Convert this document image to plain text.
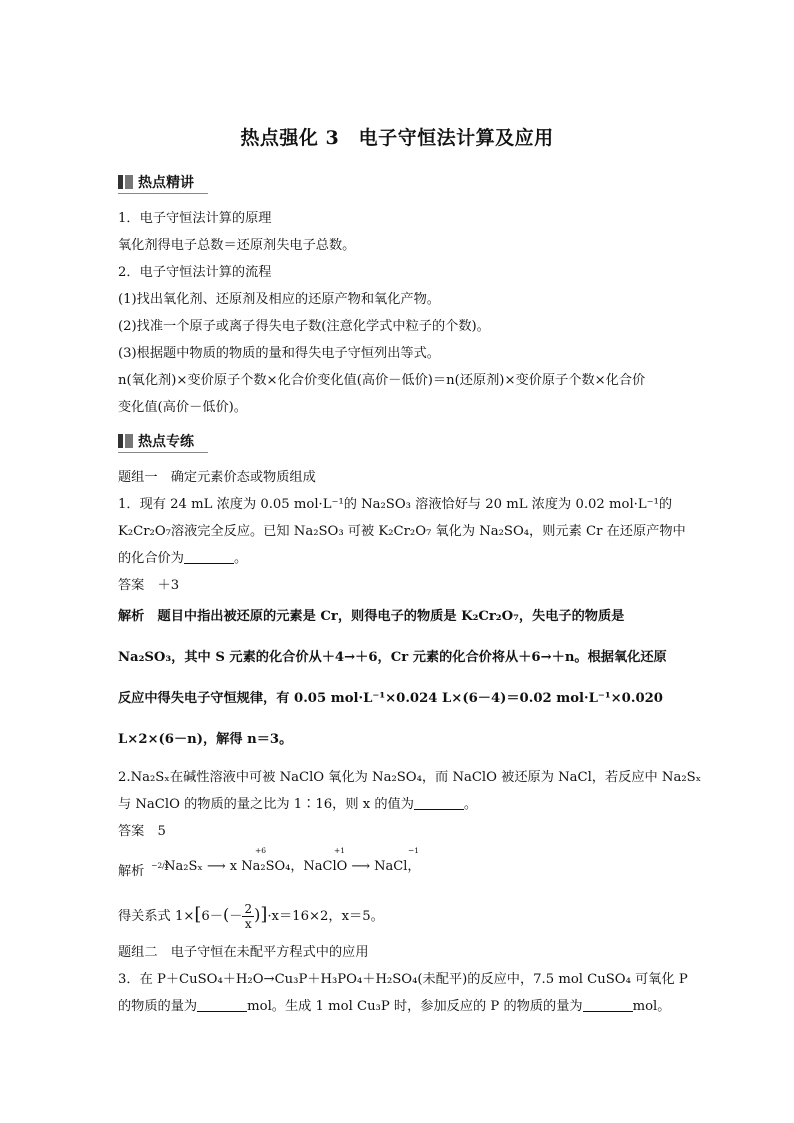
热点强化 3　电子守恒法计算及应用
热点精讲
1．电子守恒法计算的原理
氧化剂得电子总数＝还原剂失电子总数。
2．电子守恒法计算的流程
(1)找出氧化剂、还原剂及相应的还原产物和氧化产物。
(2)找准一个原子或离子得失电子数(注意化学式中粒子的个数)。
(3)根据题中物质的物质的量和得失电子守恒列出等式。
n(氧化剂)×变价原子个数×化合价变化值(高价－低价)＝n(还原剂)×变价原子个数×化合价
变化值(高价－低价)。
热点专练
题组一　确定元素价态或物质组成
1．现有 24 mL 浓度为 0.05 mol·L⁻¹的 Na₂SO₃ 溶液恰好与 20 mL 浓度为 0.02 mol·L⁻¹的
K₂Cr₂O₇溶液完全反应。已知 Na₂SO₃ 可被 K₂Cr₂O₇ 氧化为 Na₂SO₄，则元素 Cr 在还原产物中
的化合价为	。
答案　＋3
解析　题目中指出被还原的元素是 Cr，则得电子的物质是 K₂Cr₂O₇，失电子的物质是
Na₂SO₃，其中 S 元素的化合价从＋4→＋6，Cr 元素的化合价将从＋6→＋n。根据氧化还原
反应中得失电子守恒规律，有 0.05 mol·L⁻¹×0.024 L×(6－4)＝0.02 mol·L⁻¹×0.020
L×2×(6－n)，解得 n＝3。
2.Na₂Sₓ在碱性溶液中可被 NaClO 氧化为 Na₂SO₄，而 NaClO 被还原为 NaCl，若反应中 Na₂Sₓ
与 NaClO 的物质的量之比为 1∶16，则 x 的值为	。
答案　5
解析 −2/x
Na₂Sₓ ⟶ x Na₂SO₄，NaClO ⟶ NaCl，
+6	+1	−1
得关系式 $1\times[6-(- \frac{2}{x} )]\cdot x=16\times 2$，x＝5。
题组二　电子守恒在未配平方程式中的应用
3．在 P＋CuSO₄＋H₂O→Cu₃P＋H₃PO₄＋H₂SO₄(未配平)的反应中，7.5 mol CuSO₄ 可氧化 P
的物质的量为	mol。生成 1 mol Cu₃P 时，参加反应的 P 的物质的量为	mol。
